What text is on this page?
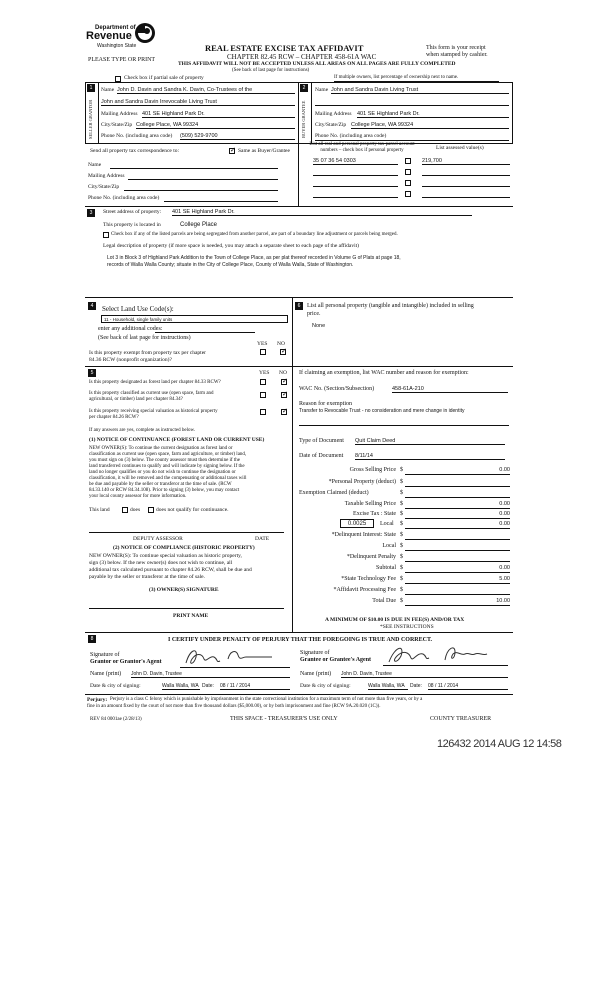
Department of
Revenue
Washington State	REAL ESTATE EXCISE TAX AFFIDAVIT
CHAPTER 82.45 RCW – CHAPTER 458-61A WAC
THIS AFFIDAVIT WILL NOT BE ACCEPTED UNLESS ALL AREAS ON ALL PAGES ARE FULLY COMPLETED
(See back of last page for instructions)
PLEASE TYPE OR PRINT
This form is your receipt
when stamped by cashier.
Check box if partial sale of property	If multiple owners, list percentage of ownership next to name.
1
SELLER GRANTOR
Name John D. Davin and Sandra K. Davin, Co-Trustees of the
John and Sandra Davin Irrevocable Living Trust
Mailing Address 401 SE Highland Park Dr.
City/State/Zip College Place, WA 99324
Phone No. (including area code) (509) 529-9700
2
BUYER GRANTEE
Name John and Sandra Davin Living Trust
Mailing Address 401 SE Highland Park Dr.
City/State/Zip College Place, WA 99324
Phone No. (including area code)
Send all property tax correspondence to:
✓	Same as Buyer/Grantee
Name
Mailing Address
City/State/Zip
Phone No. (including area code)
List all real and personal property tax parcel account numbers – check box if personal property	List assessed value(s)
35 07 36 54 0303	219,700
3	Street address of property: 401 SE Highland Park Dr.
This property is located in	College Place
Check box if any of the listed parcels are being segregated from another parcel, are part of a boundary line adjustment or parcels being merged.
Legal description of property (if more space is needed, you may attach a separate sheet to each page of the affidavit)
Lot 3 in Block 3 of Highland Park Addition to the Town of College Place, as per plat thereof recorded in Volume G of Plats at page 18,
records of Walla Walla County; situate in the City of College Place, County of Walla Walla, State of Washington.
4	Select Land Use Code(s):
11 - Household, single family units
enter any additional codes:
(See back of last page for instructions)
YES NO
Is this property exempt from property tax per chapter
84.36 RCW (nonprofit organization)?
✓
6	List all personal property (tangible and intangible) included in selling
price.
None
5	YES NO
Is this property designated as forest land per chapter 84.33 RCW?
✓
Is this property classified as current use (open space, farm and
agricultural, or timber) land per chapter 84.34?
✓
Is this property receiving special valuation as historical property
per chapter 84.26 RCW?
✓
If any answers are yes, complete as instructed below.
(1) NOTICE OF CONTINUANCE (FOREST LAND OR CURRENT USE)
NEW OWNER(S): To continue the current designation as forest land or
classification as current use (open space, farm and agriculture, or timber) land,
you must sign on (3) below. The county assessor must then determine if the
land transferred continues to qualify and will indicate by signing below. If the
land no longer qualifies or you do not wish to continue the designation or
classification, it will be removed and the compensating or additional taxes will
be due and payable by the seller or transferor at the time of sale. (RCW
84.33.140 or RCW 84.34.108). Prior to signing (3) below, you may contact
your local county assessor for more information.
This land	does	does not qualify for continuance.
DEPUTY ASSESSOR	DATE
(2) NOTICE OF COMPLIANCE (HISTORIC PROPERTY)
NEW OWNER(S): To continue special valuation as historic property,
sign (3) below. If the new owner(s) does not wish to continue, all
additional tax calculated pursuant to chapter 84.26 RCW, shall be due and
payable by the seller or transferor at the time of sale.
(3) OWNER(S) SIGNATURE
PRINT NAME
If claiming an exemption, list WAC number and reason for exemption:
WAC No. (Section/Subsection)	458-61A-210
Reason for exemption
Transfer to Revocable Trust - no consideration and mere change in identity
Type of Document Quit Claim Deed
Date of Document 8/11/14
Gross Selling Price $	0.00
*Personal Property (deduct) $
Exemption Claimed (deduct)	$
Taxable Selling Price $	0.00
Excise Tax : State $	0.00
0.0025	Local $	0.00
*Delinquent Interest: State $
Local $
*Delinquent Penalty $
Subtotal $	0.00
*State Technology Fee $	5.00
*Affidavit Processing Fee $
Total Due $	10.00
A MINIMUM OF $10.00 IS DUE IN FEE(S) AND/OR TAX
*SEE INSTRUCTIONS
8	I CERTIFY UNDER PENALTY OF PERJURY THAT THE FOREGOING IS TRUE AND CORRECT.
Signature of
Grantor or Grantor's Agent
Name (print) John D. Davin, Trustee
Date & city of signing:	Walla Walla, WA Date: 08 / 11 / 2014
Signature of
Grantee or Grantee's Agent
Name (print) John D. Davin, Trustee
Date & city of signing:	Walla Walla, WA	Date: 08 / 11 / 2014
Perjury: Perjury is a class C felony which is punishable by imprisonment in the state correctional institution for a maximum term of not more than five years, or by a
fine in an amount fixed by the court of not more than five thousand dollars ($5,000.00), or by both imprisonment and fine (RCW 9A.20.020 (1C)).
REV 84 0001ae (2/28/13)	THIS SPACE - TREASURER'S USE ONLY	COUNTY TREASURER
126432 2014 AUG 12 14:58
